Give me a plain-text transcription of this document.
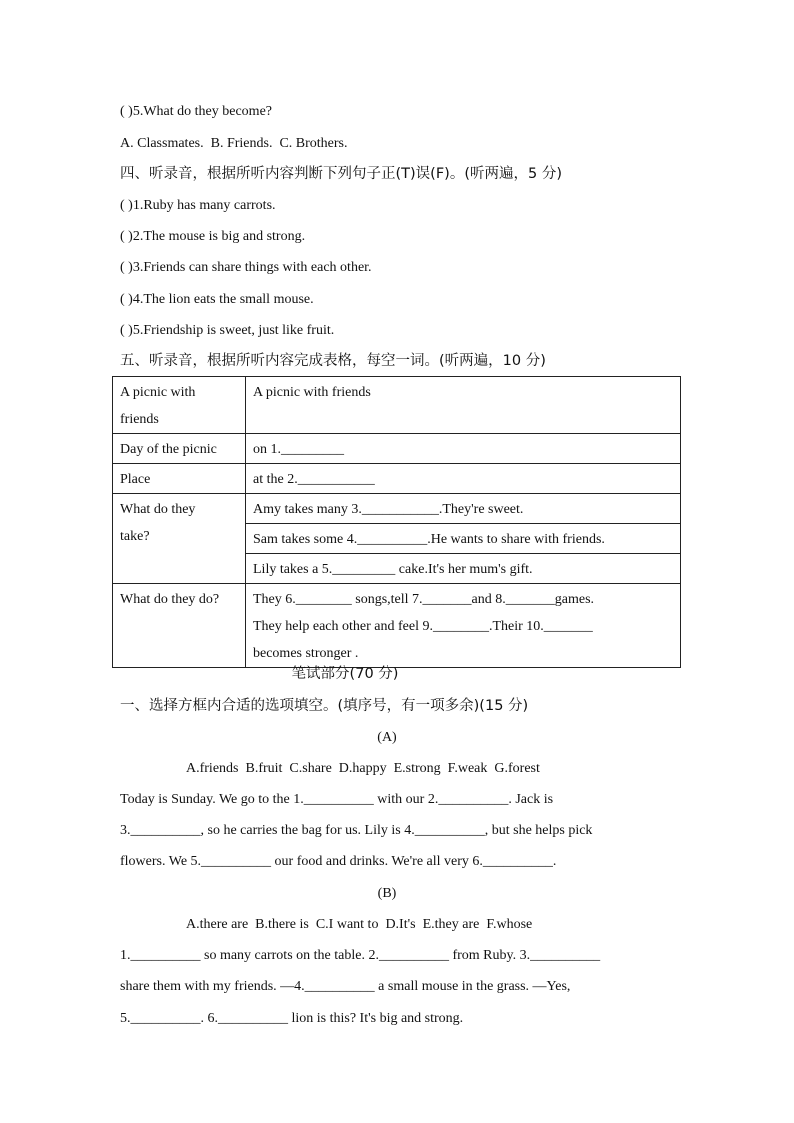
( )5.What do they become?
A. Classmates.  B. Friends.  C. Brothers.
四、听录音，根据所听内容判断下列句子正(T)误(F)。(听两遍，5 分)
( )1.Ruby has many carrots.
( )2.The mouse is big and strong.
( )3.Friends can share things with each other.
( )4.The lion eats the small mouse.
( )5.Friendship is sweet, just like fruit.
五、听录音，根据所听内容完成表格，每空一词。(听两遍，10 分)
A picnic with
friends	A picnic with friends
Day of the picnic	on 1._________
Place	at the 2.___________
What do they
take?	Amy takes many 3.___________.They're sweet.
	Sam takes some 4.__________.He wants to share with friends.
	Lily takes a 5._________ cake.It's her mum's gift.
What do they do?	They 6.________ songs,tell 7._______and 8._______games.
They help each other and feel 9.________.Their 10._______
becomes stronger .
笔试部分(70 分)
一、选择方框内合适的选项填空。(填序号，有一项多余)(15 分)
(A)
A.friends  B.fruit  C.share  D.happy  E.strong  F.weak  G.forest
Today is Sunday. We go to the 1.__________ with our 2.__________. Jack is
3.__________, so he carries the bag for us. Lily is 4.__________, but she helps pick
flowers. We 5.__________ our food and drinks. We're all very 6.__________.
(B)
A.there are  B.there is  C.I want to  D.It's  E.they are  F.whose
1.__________ so many carrots on the table. 2.__________ from Ruby. 3.__________
share them with my friends. —4.__________ a small mouse in the grass. —Yes,
5.__________. 6.__________ lion is this? It's big and strong.
